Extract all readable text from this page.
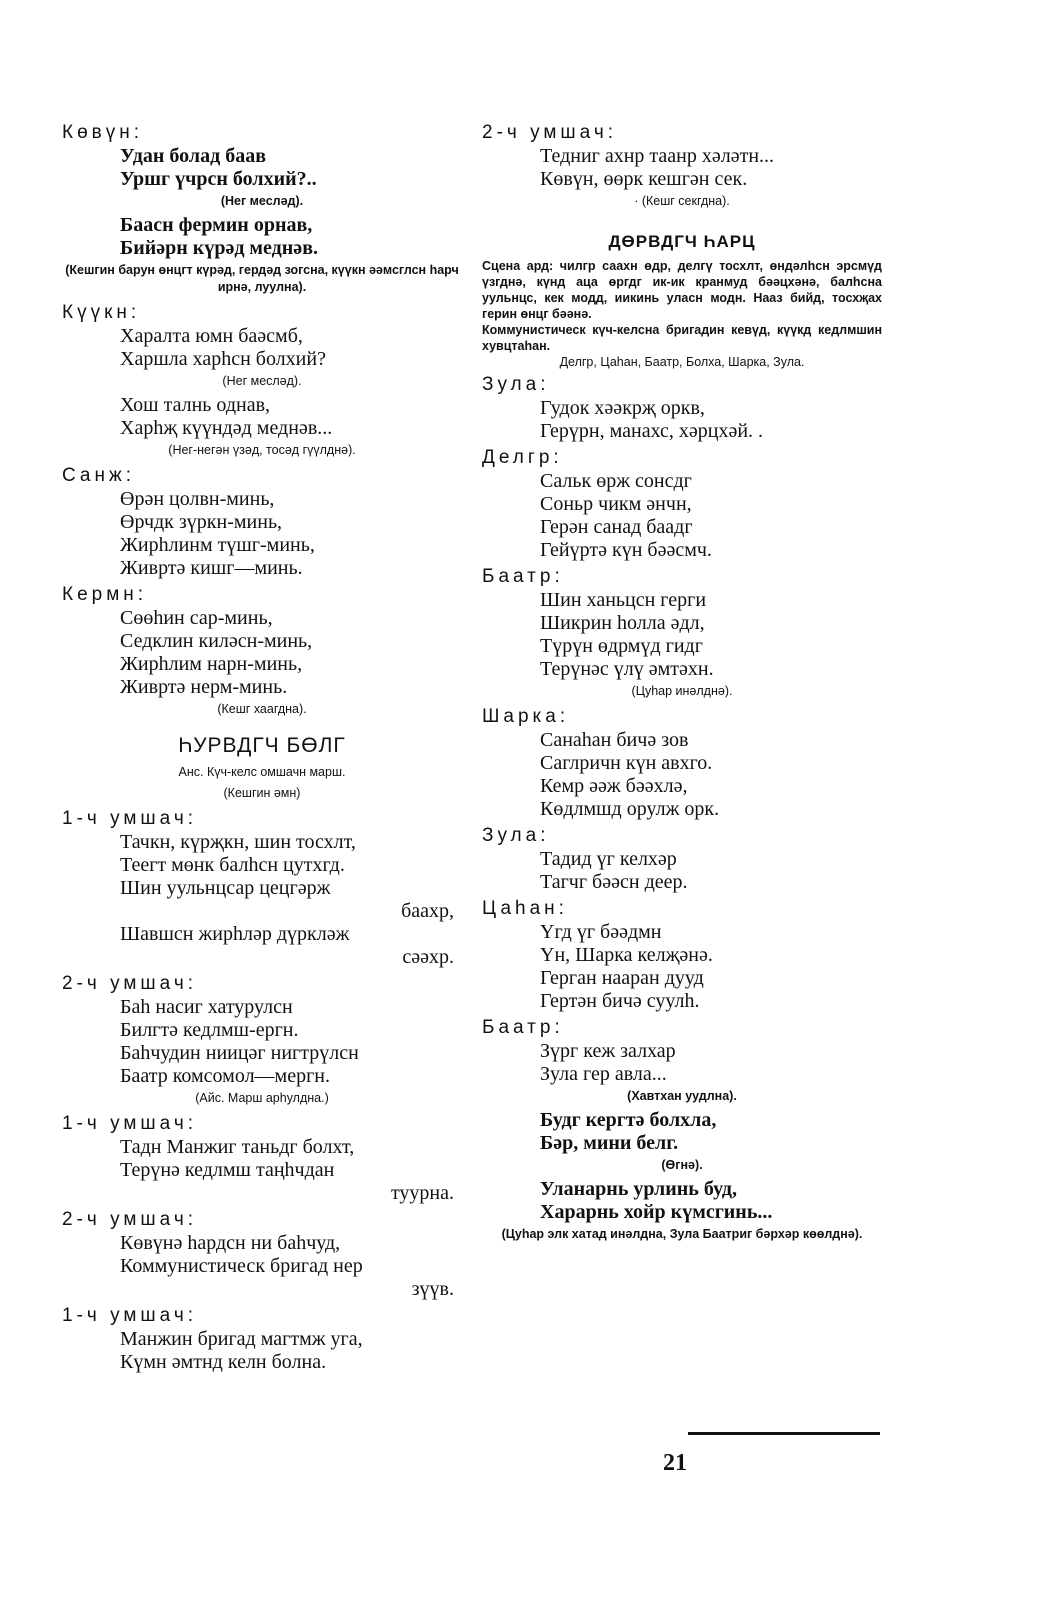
Көвүн:
Удан болад баав
Уршг үчрсн болхий?..
(Нег месләд).
Баасн фермин орнав,
Бийәрн күрәд меднәв.
(Кешгин барун өнцгт күрәд, гердәд зогсна, күүкн әәмсглсн һарч ирнә, луулна).
Күүкн:
Харалта юмн баәсмб,
Харшла харһсн болхий?
(Нег месләд).
Хош талнь однав,
Харһҗ күүндәд меднәв...
(Нег-негән үзәд, тосәд гүүлднә).
Санж:
Өрән цолвн-минь,
Өрчдк зүркн-минь,
Жирһлинм түшг-минь,
Живртә кишг—минь.
Кермн:
Сөөһин сар-минь,
Седклин киләсн-минь,
Жирһлим нарн-минь,
Живртә нерм-минь.
(Кешг хаагдна).
ҺУРВДГЧ БӨЛГ
Анс. Күч-келс омшачн марш.
(Кешгин әмн)
1-ч умшач:
Тачкн, күрҗкн, шин тосхлт,
Теегт мөнк балһсн цутхгд.
Шин уульнцсар цецгәрж
баахр,
Шавшсн жирһләр дүркләж
сәәхр.
2-ч умшач:
Баһ насиг хатурулсн
Билгтә кедлмш-ергн.
Баһчудин ниицәг нигтрүлсн
Баатр комсомол—мергн.
(Айс. Марш арһулдна.)
1-ч умшач:
Тадн Манжиг таньдг болхт,
Терүнә кедлмш таңһчдан
туурна.
2-ч умшач:
Көвүнә һардсн ни баһчуд,
Коммунистическ бригад нер
зүүв.
1-ч умшач:
Манжин бригад магтмж уга,
Күмн әмтнд келн болна.
2-ч умшач:
Тедниг ахнр таанр хәләтн...
Көвүн, өөрк кешгән сек.
· (Кешг секгдна).
ДӨРВДГЧ ҺАРЦ
Сцена ард: чилгр саахн өдр, делгү тосхлт, өндәлһсн эрсмүд үзгднә, күнд аца өргдг ик-ик кранмуд бәәцхәнә, балһсна уульнцс, кек модд, иикинь уласн модн. Нааз бийд, тосхҗах герин өнцг бәәнә.
Коммунистическ күч-келсна бригадин кевүд, күүкд кедлмшин хувцтаһан.
Делгр, Цаһан, Баатр, Болха, Шарка, Зула.
Зула:
Гудок хәәкрҗ оркв,
Герүрн, манахс, хәрцхәй. .
Делгр:
Сальк өрж сонсдг
Соньр чикм әнчн,
Герән санад баадг
Гейүртә күн бәәсмч.
Баатр:
Шин ханьцсн герги
Шикрин һолла әдл,
Түрүн өдрмүд гидг
Терүнәс үлү әмтәхн.
(Цуһар инәлднә).
Шарка:
Санаһан бичә зов
Саглричн күн авхго.
Кемр әәж бәәхлә,
Көдлмшд орулж орк.
Зула:
Тадид үг келхәр
Тагчг бәәсн деер.
Цаһан:
Үгд үг бәәдмн
Үн, Шарка келҗәнә.
Герган нааран дууд
Гертән бичә суулһ.
Баатр:
Зүрг кеж залхар
Зула гер авла...
(Хавтхан уудлна).
Будг кергтә болхла,
Бәр, мини белг.
(Өгнә).
Уланарнь урлинь буд,
Харарнь хойр күмсгинь...
(Цуһар элк хатад инәлдна, Зула Баатриг бәрхәр көөлднә).
21
